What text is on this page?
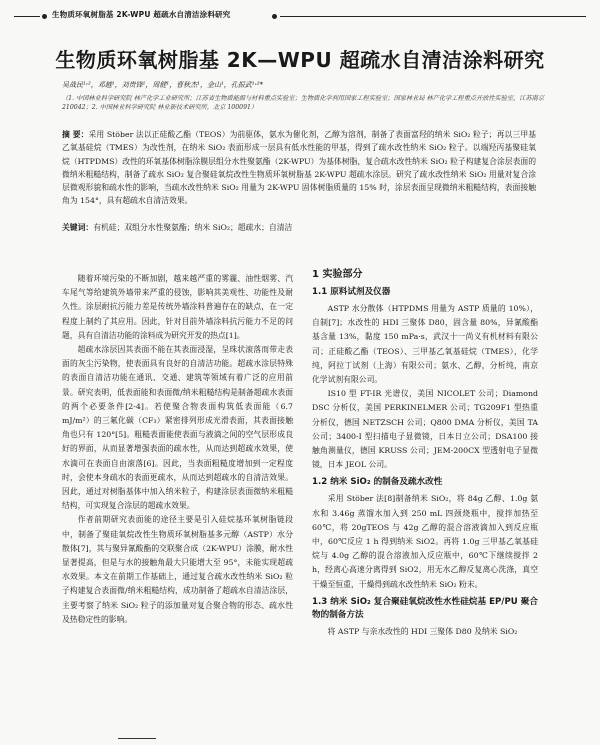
生物质环氧树脂基 2K-WPU 超疏水自清洁涂料研究
生物质环氧树脂基 2K—WPU 超疏水自清洁涂料研究
吴战民¹˒²，邓越¹，刘贵锋¹，周健¹，曹秋杰¹，金山¹，孔振武¹˒²*
（1. 中国林业科学研究院 林产化学工业研究所；江苏省生物质能源与材料重点实验室；生物质化学利用国家工程实验室；国家林业局 林产化学工程重点开放性实验室，江苏南京 210042；2. 中国林业科学研究院 林业新技术研究所，北京 100091）
摘 要：采用 Stöber 法以正硅酸乙酯（TEOS）为前驱体，氨水为催化剂，乙醇为溶剂，制备了表面富羟的纳米 SiO₂ 粒子；再以三甲基乙氧基硅烷（TMES）为改性剂，在纳米 SiO₂ 表面形成一层具有低水性能的甲基，得到了疏水改性纳米 SiO₂ 粒子。以端羟丙基聚硅氧烷（HTPDMS）改性的环氧基体树脂涂膜层组分水性聚氨酯（2K-WPU）为基体树脂，复合疏水改性纳米 SiO₂ 粒子构建复合涂层表面的微纳米粗糙结构，制备了疏水 SiO₂ 复合聚硅氧烷改性生物质环氧树脂基 2K-WPU 超疏水涂层。研究了疏水改性纳米 SiO₂ 用量对复合涂层微观形貌和疏水性的影响，当疏水改性纳米 SiO₂ 用量为 2K-WPU 固体树脂质量的 15% 时，涂层表面呈现微纳米粗糙结构，表面接触角为 154°，具有超疏水自清洁效果。
关键词：有机硅；双组分水性聚氨酯；纳米 SiO₂；超疏水；自清洁

随着环境污染的不断加剧，越来越严重的雾霾、油性烟雾、汽车尾气等给建筑外墙带来严重的侵蚀，影响其美观性、功能性及耐久性。涂层耐抗污能力差是传统外墙涂料普遍存在的缺点，在一定程度上制约了其应用。因此，针对目前外墙涂料抗污能力不足的问题，具有自清洁功能的涂料成为研究开发的热点[1]。

超疏水涂层因其表面不能在其表面浸湿，呈珠状滚落而带走表面的灰尘污染物，使表面具有良好的自清洁功能。超疏水涂层特殊的表面自清洁功能在通讯、交通、建筑等领域有着广泛的应用前景。研究表明，低表面能和表面微/纳米粗糙结构是制备超疏水表面的两个必要条件[2-4]。若使聚合物表面构筑低表面能（6.7 mJ/m²）的三氟化碳（CF₃）紧密排列形成光滑表面，其表面接触角也只有 120°[5]。粗糙表面能使表面与液滴之间的空气层形成良好的界面，从而显著增强表面的疏水性，从而达到超疏水效果，使水滴可在表面自由滚落[6]。因此，当表面粗糙度增加到一定程度时，会使本身疏水的表面更疏水，从而达到超疏水的自清洁效果。因此，通过对树脂基体中加入纳米粒子，构建涂层表面微纳米粗糙结构，可实现复合涂层的超疏水效果。

作者前期研究表面能的途径主要是引入硅烷基环氧树脂链段中，制备了聚硅氧烷改性生物质环氧树脂基多元醇（ASTP）水分散体[7]，其与聚异氰酸酯的交联聚合成（2K-WPU）涂膜，耐水性显著提高，但是与水的接触角最大只能增大至 95°，未能实现超疏水效果。本文在前期工作基础上，通过复合疏水改性纳米 SiO₂ 粒子构建复合表面微/纳米粗糙结构，成功制备了超疏水自清洁涂层，主要考察了纳米 SiO₂ 粒子的添加量对复合聚合物的形态、疏水性及热稳定性的影响。

1 实验部分
1.1 原料试剂及仪器

ASTP 水分散体（HTPDMS 用量为 ASTP 质量的 10%），自制[7]；水改性的 HDI 三聚体 D80，固含量 80%，异氰酸酯基含量 13%，黏度 150 mPa·s，武汉十一尚义有机材料有限公司；正硅酸乙酯（TEOS）、三甲基乙氧基硅烷（TMES），化学纯，阿拉丁试剂（上海）有限公司；氨水、乙醇，分析纯，南京化学试剂有限公司。

IS10 型 FT-IR 光谱仪，美国 NICOLET 公司；Diamond DSC 分析仪，美国 PERKINELMER 公司；TG209F1 型热重分析仪，德国 NETZSCH 公司；Q800 DMA 分析仪，美国 TA 公司；3400-I 型扫描电子显微镜，日本日立公司；DSA100 接触角测量仪，德国 KRUSS 公司；JEM-200CX 型透射电子显微镜，日本 JEOL 公司。

1.2 纳米 SiO₂ 的制备及疏水改性

采用 Stöber 法[8]制备纳米 SiO₂，将 84g 乙醇、1.0g 氨水和 3.46g 蒸馏水加入到 250 mL 四颈烧瓶中，搅拌加热至 60℃，将 20gTEOS 与 42g 乙醇的混合溶液滴加入到反应瓶中，60℃反应 1 h 得到纳米 SiO2。再将 1.0g 三甲基乙氧基硅烷与 4.0g 乙醇的混合溶液加入反应瓶中，60℃下继续搅拌 2 h，经离心高速分离得到 SiO2，用无水乙醇反复离心洗涤，真空干燥至恒重，干燥得到疏水改性纳米 SiO₂ 粉末。

1.3 纳米 SiO₂ 复合聚硅氧烷改性水性硅烷基 EP/PU 聚合物的制备方法

将 ASTP 与亲水改性的 HDI 三聚体 D80 及纳米 SiO₂
